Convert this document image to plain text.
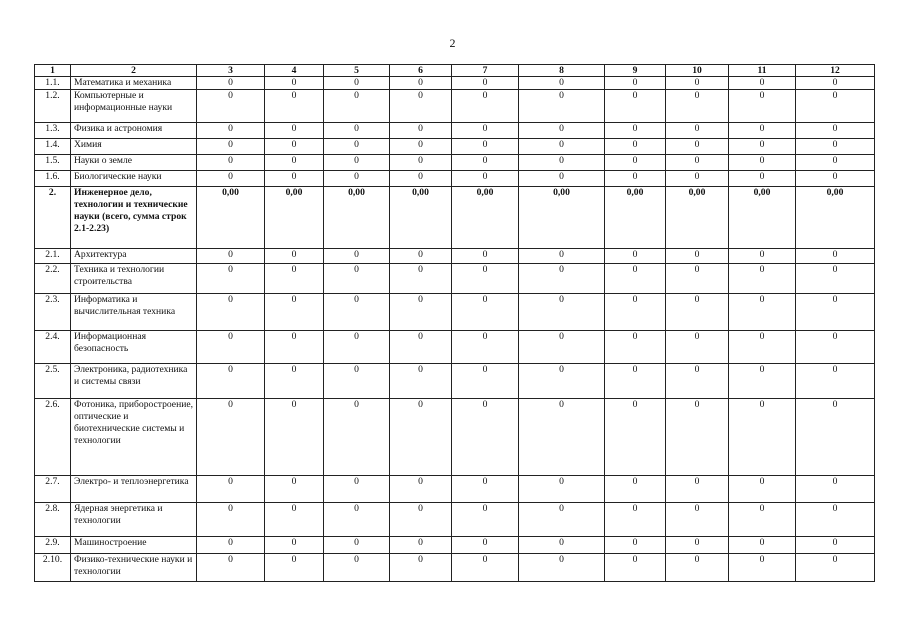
2
1	2	3	4	5	6	7	8	9	10	11	12
1.1.	Математика и механика	0	0	0	0	0	0	0	0	0	0
1.2.	Компьютерные и информационные науки	0	0	0	0	0	0	0	0	0	0
1.3.	Физика и астрономия	0	0	0	0	0	0	0	0	0	0
1.4.	Химия	0	0	0	0	0	0	0	0	0	0
1.5.	Науки о земле	0	0	0	0	0	0	0	0	0	0
1.6.	Биологические науки	0	0	0	0	0	0	0	0	0	0
2.	Инженерное дело, технологии и технические науки (всего, сумма строк 2.1-2.23)	0,00	0,00	0,00	0,00	0,00	0,00	0,00	0,00	0,00	0,00
2.1.	Архитектура	0	0	0	0	0	0	0	0	0	0
2.2.	Техника и технологии строительства	0	0	0	0	0	0	0	0	0	0
2.3.	Информатика и вычислительная техника	0	0	0	0	0	0	0	0	0	0
2.4.	Информационная безопасность	0	0	0	0	0	0	0	0	0	0
2.5.	Электроника, радиотехника и системы связи	0	0	0	0	0	0	0	0	0	0
2.6.	Фотоника, приборостроение, оптические и биотехнические системы и технологии	0	0	0	0	0	0	0	0	0	0
2.7.	Электро- и теплоэнергетика	0	0	0	0	0	0	0	0	0	0
2.8.	Ядерная энергетика и технологии	0	0	0	0	0	0	0	0	0	0
2.9.	Машиностроение	0	0	0	0	0	0	0	0	0	0
2.10.	Физико-технические науки и технологии	0	0	0	0	0	0	0	0	0	0
